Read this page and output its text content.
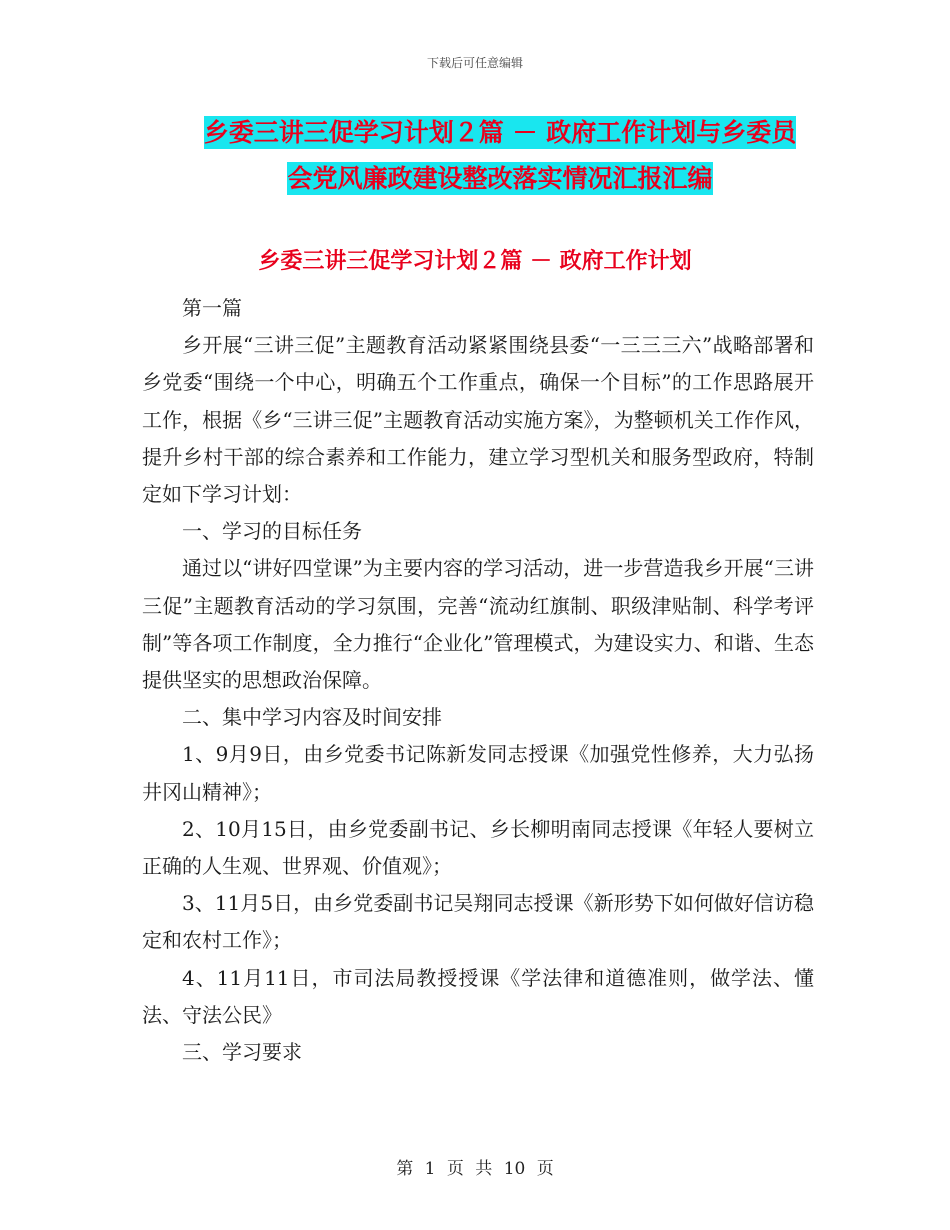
下载后可任意编辑
乡委三讲三促学习计划２篇 － 政府工作计划与乡委员
会党风廉政建设整改落实情况汇报汇编
乡委三讲三促学习计划２篇 － 政府工作计划

第一篇

乡开展“三讲三促”主题教育活动紧紧围绕县委“一三三三六”战略部署和乡党委“围绕一个中心，明确五个工作重点，确保一个目标”的工作思路展开工作，根据《乡“三讲三促”主题教育活动实施方案》，为整顿机关工作作风，提升乡村干部的综合素养和工作能力，建立学习型机关和服务型政府，特制定如下学习计划：

一、学习的目标任务

通过以“讲好四堂课”为主要内容的学习活动，进一步营造我乡开展“三讲三促”主题教育活动的学习氛围，完善“流动红旗制、职级津贴制、科学考评制”等各项工作制度，全力推行“企业化”管理模式，为建设实力、和谐、生态提供坚实的思想政治保障。

二、集中学习内容及时间安排

1、9月9日，由乡党委书记陈新发同志授课《加强党性修养，大力弘扬井冈山精神》；

2、10月15日，由乡党委副书记、乡长柳明南同志授课《年轻人要树立正确的人生观、世界观、价值观》；

3、11月5日，由乡党委副书记吴翔同志授课《新形势下如何做好信访稳定和农村工作》；

4、11月11日，市司法局教授授课《学法律和道德准则，做学法、懂法、守法公民》

三、学习要求

第 1 页 共 10 页
